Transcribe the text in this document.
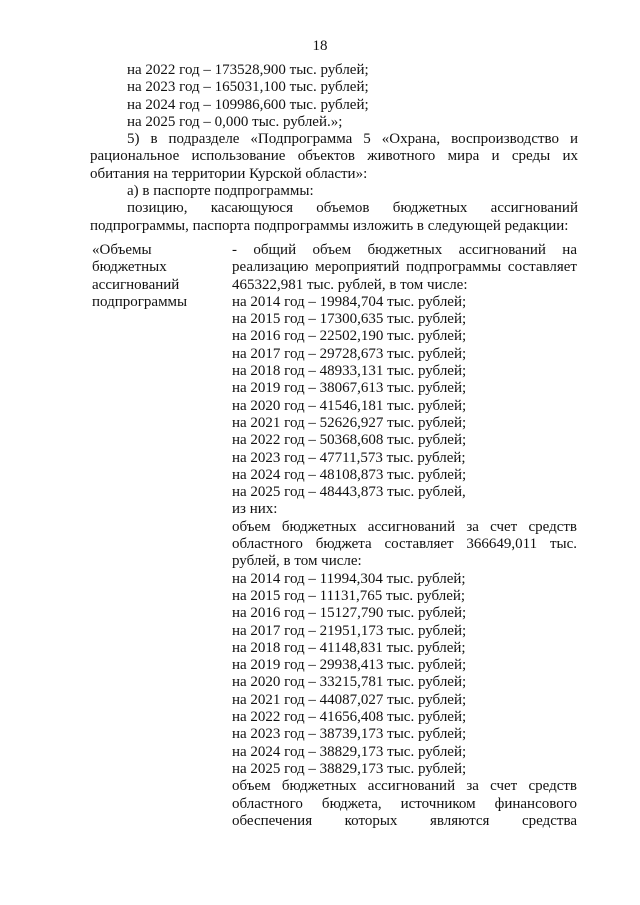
18
на 2022 год – 173528,900 тыс. рублей;
на 2023 год – 165031,100 тыс. рублей;
на 2024 год – 109986,600 тыс. рублей;
на 2025 год – 0,000 тыс. рублей.»;

5) в подразделе «Подпрограмма 5 «Охрана, воспроизводство и рациональное использование объектов животного мира и среды их обитания на территории Курской области»:

а) в паспорте подпрограммы:

позицию, касающуюся объемов бюджетных ассигнований подпрограммы, паспорта подпрограммы изложить в следующей редакции:

«Объемы
бюджетных
ассигнований
подпрограммы

- общий объем бюджетных ассигнований на реализацию мероприятий подпрограммы составляет 465322,981 тыс. рублей, в том числе:

на 2014 год – 19984,704 тыс. рублей;
на 2015 год – 17300,635 тыс. рублей;
на 2016 год – 22502,190 тыс. рублей;
на 2017 год – 29728,673 тыс. рублей;
на 2018 год – 48933,131 тыс. рублей;
на 2019 год – 38067,613 тыс. рублей;
на 2020 год – 41546,181 тыс. рублей;
на 2021 год – 52626,927 тыс. рублей;
на 2022 год – 50368,608 тыс. рублей;
на 2023 год – 47711,573 тыс. рублей;
на 2024 год – 48108,873 тыс. рублей;
на 2025 год – 48443,873 тыс. рублей,

из них:

объем бюджетных ассигнований за счет средств областного бюджета составляет 366649,011 тыс. рублей, в том числе:

на 2014 год – 11994,304 тыс. рублей;
на 2015 год – 11131,765 тыс. рублей;
на 2016 год – 15127,790 тыс. рублей;
на 2017 год – 21951,173 тыс. рублей;
на 2018 год – 41148,831 тыс. рублей;
на 2019 год – 29938,413 тыс. рублей;
на 2020 год – 33215,781 тыс. рублей;
на 2021 год – 44087,027 тыс. рублей;
на 2022 год – 41656,408 тыс. рублей;
на 2023 год – 38739,173 тыс. рублей;
на 2024 год – 38829,173 тыс. рублей;
на 2025 год – 38829,173 тыс. рублей;

объем бюджетных ассигнований за счет средств областного бюджета, источником финансового обеспечения которых являются средства
